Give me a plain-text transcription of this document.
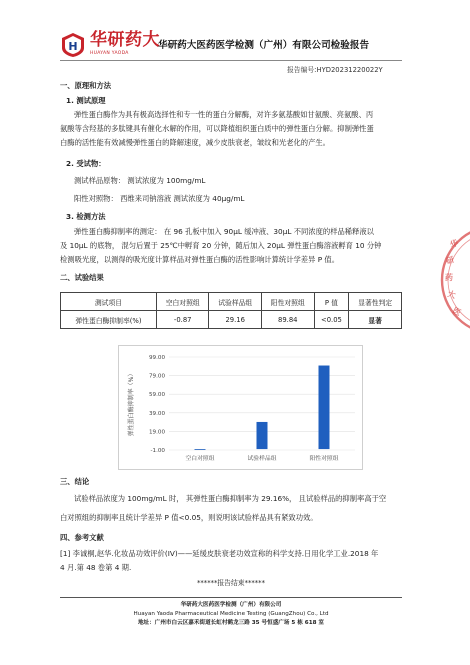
H 华研药大
HUAYAN YAODA
华研药大医药医学检测（广州）有限公司检验报告
报告编号:HYD20231220022Y
一、原理和方法
1. 测试原理
弹性蛋白酶作为具有极高选择性和专一性的蛋白分解酶，对许多氨基酸如甘氨酸、亮氨酸、丙
氨酸等含羟基的多肽键具有催化水解的作用，可以降植组织蛋白质中的弹性蛋白分解。抑制弹性蛋
白酶的活性能有效减慢弹性蛋白的降解速度，减少皮肤衰老，皱纹和光老化的产生。
2. 受试物：
测试样品原物： 测试浓度为 100mg/mL
阳性对照物： 西维来司钠溶液 测试浓度为 40μg/mL
3. 检测方法
弹性蛋白酶抑制率的测定： 在 96 孔板中加入 90μL 缓冲液、30μL 不同浓度的样品稀释液以
及 10μL 的底物， 混匀后置于 25℃中孵育 20 分钟，随后加入 20μL 弹性蛋白酶溶液孵育 10 分钟
检测吸光度，以测得的吸光度计算样品对弹性蛋白酶的活性影响计算统计学差异 P 值。
二、试验结果
测试项目	空白对照组	试验样品组	阳性对照组	P 值	显著性判定
弹性蛋白酶抑制率(%)	-0.87	29.16	89.84	<0.05	显著
99.00
79.00
59.00
39.00
19.00
-1.00
弹性蛋白酶抑制率（%）
空白对照组	试验样品组	阳性对照组
三、结论
试验样品浓度为 100mg/mL 时， 其弹性蛋白酶抑制率为 29.16%， 且试验样品的抑制率高于空
白对照组的抑制率且统计学差异 P 值<0.05，则说明该试验样品具有紧致功效。
四、参考文献
[1] 李诚桐,赵华.化妆品功效评价(IV)——延缓皮肤衰老功效宣称的科学支持.日用化学工业.2018 年
4 月.第 48 卷第 4 期.
******报告结束******
华研药大医药医学检测（广州）有限公司
Huayan Yaoda Pharmaceutical Medicine Testing (GuangZhou) Co., Ltd
地址：广州市白云区嘉禾街道长虹村鹤龙三路 35 号恒盛广场 5 栋 618 室
华
研
药
大
医
